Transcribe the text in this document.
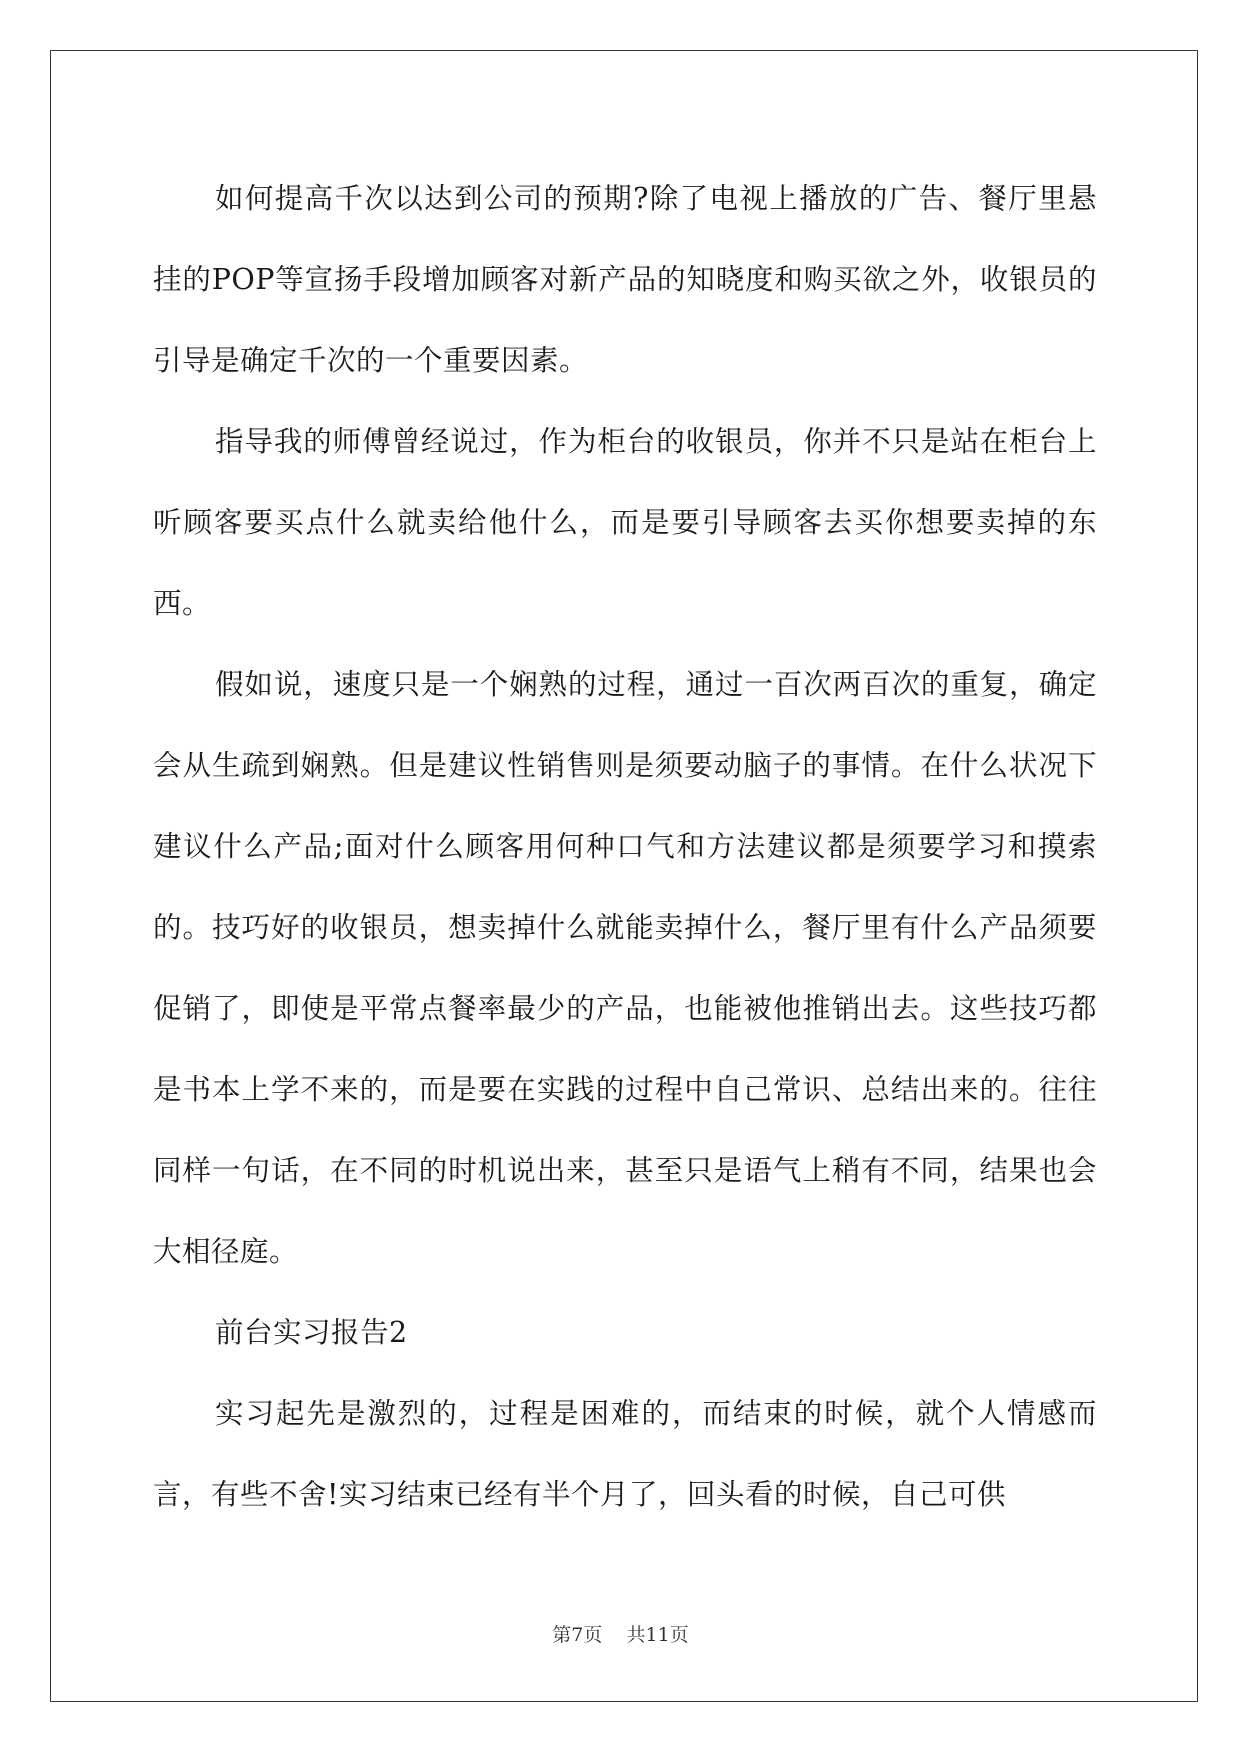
如何提高千次以达到公司的预期?除了电视上播放的广告、餐厅里悬挂的POP等宣扬手段增加顾客对新产品的知晓度和购买欲之外，收银员的引导是确定千次的一个重要因素。

指导我的师傅曾经说过，作为柜台的收银员，你并不只是站在柜台上听顾客要买点什么就卖给他什么，而是要引导顾客去买你想要卖掉的东西。

假如说，速度只是一个娴熟的过程，通过一百次两百次的重复，确定会从生疏到娴熟。但是建议性销售则是须要动脑子的事情。在什么状况下建议什么产品;面对什么顾客用何种口气和方法建议都是须要学习和摸索的。技巧好的收银员，想卖掉什么就能卖掉什么，餐厅里有什么产品须要促销了，即使是平常点餐率最少的产品，也能被他推销出去。这些技巧都是书本上学不来的，而是要在实践的过程中自己常识、总结出来的。往往同样一句话，在不同的时机说出来，甚至只是语气上稍有不同，结果也会大相径庭。

前台实习报告2

实习起先是激烈的，过程是困难的，而结束的时候，就个人情感而言，有些不舍!实习结束已经有半个月了，回头看的时候，自己可供

第7页    共11页
